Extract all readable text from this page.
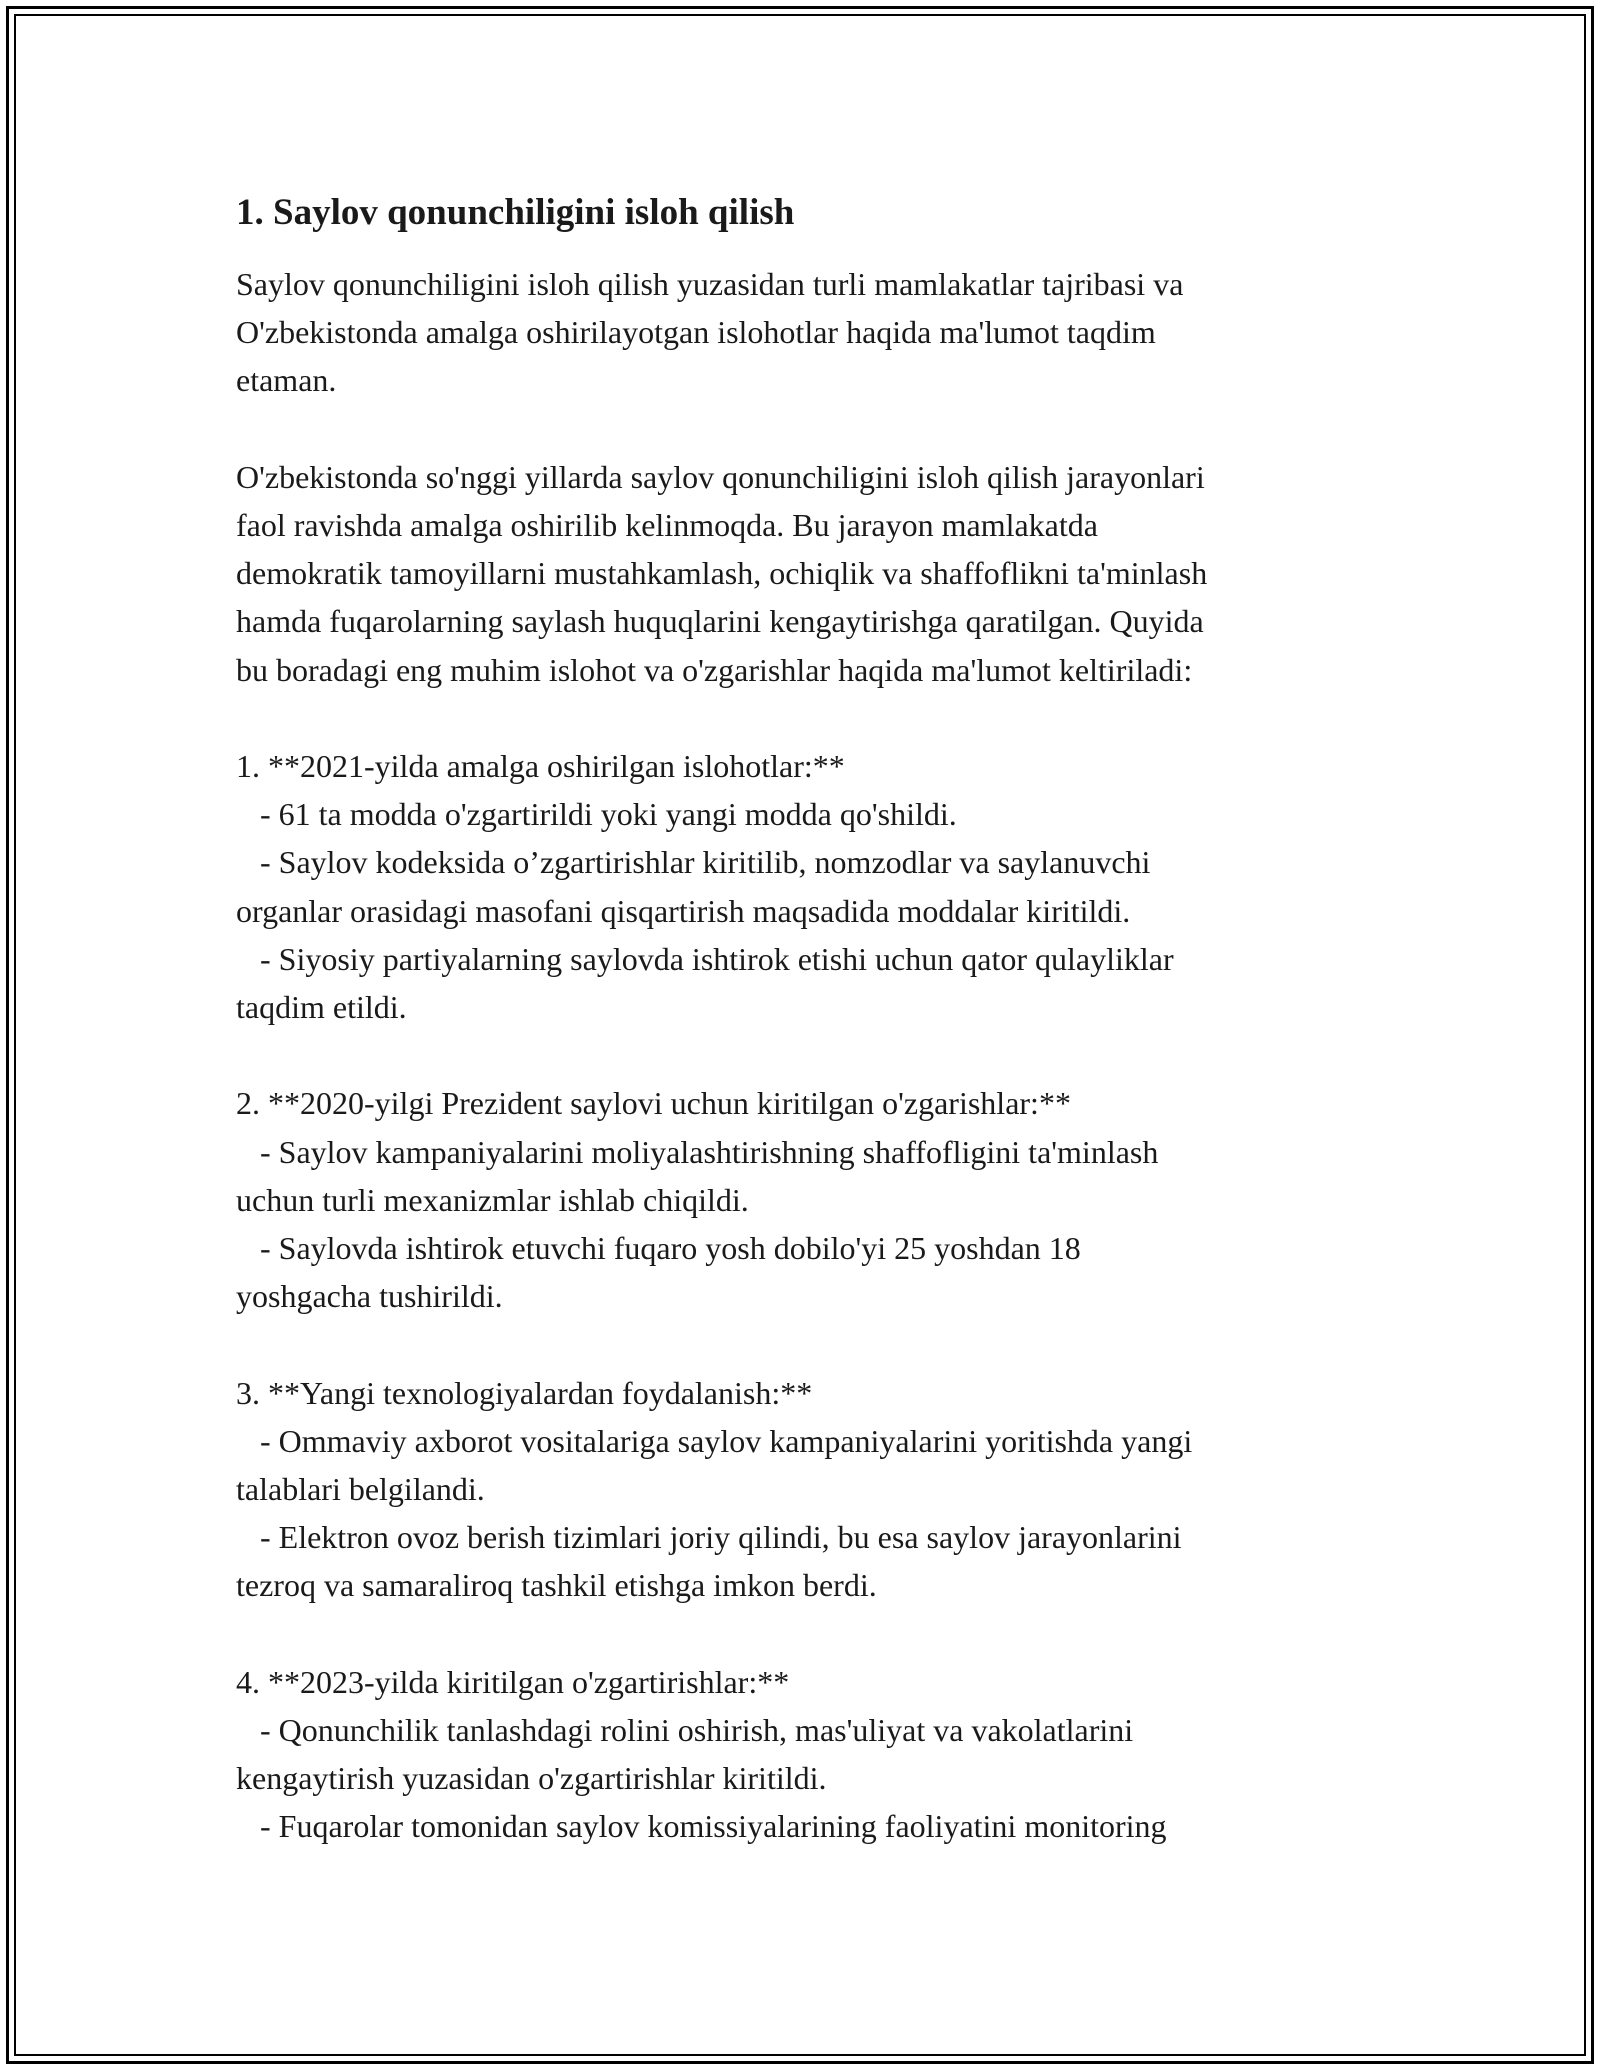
1. Saylov qonunchiligini isloh qilish
Saylov qonunchiligini isloh qilish yuzasidan turli mamlakatlar tajribasi va
O'zbekistonda amalga oshirilayotgan islohotlar haqida ma'lumot taqdim
etaman.
O'zbekistonda so'nggi yillarda saylov qonunchiligini isloh qilish jarayonlari
faol ravishda amalga oshirilib kelinmoqda. Bu jarayon mamlakatda
demokratik tamoyillarni mustahkamlash, ochiqlik va shaffoflikni ta'minlash
hamda fuqarolarning saylash huquqlarini kengaytirishga qaratilgan. Quyida
bu boradagi eng muhim islohot va o'zgarishlar haqida ma'lumot keltiriladi:
1. **2021-yilda amalga oshirilgan islohotlar:**
- 61 ta modda o'zgartirildi yoki yangi modda qo'shildi.
- Saylov kodeksida o’zgartirishlar kiritilib, nomzodlar va saylanuvchi
organlar orasidagi masofani qisqartirish maqsadida moddalar kiritildi.
- Siyosiy partiyalarning saylovda ishtirok etishi uchun qator qulayliklar
taqdim etildi.
2. **2020-yilgi Prezident saylovi uchun kiritilgan o'zgarishlar:**
- Saylov kampaniyalarini moliyalashtirishning shaffofligini ta'minlash
uchun turli mexanizmlar ishlab chiqildi.
- Saylovda ishtirok etuvchi fuqaro yosh dobilo'yi 25 yoshdan 18
yoshgacha tushirildi.
3. **Yangi texnologiyalardan foydalanish:**
- Ommaviy axborot vositalariga saylov kampaniyalarini yoritishda yangi
talablari belgilandi.
- Elektron ovoz berish tizimlari joriy qilindi, bu esa saylov jarayonlarini
tezroq va samaraliroq tashkil etishga imkon berdi.
4. **2023-yilda kiritilgan o'zgartirishlar:**
- Qonunchilik tanlashdagi rolini oshirish, mas'uliyat va vakolatlarini
kengaytirish yuzasidan o'zgartirishlar kiritildi.
- Fuqarolar tomonidan saylov komissiyalarining faoliyatini monitoring
